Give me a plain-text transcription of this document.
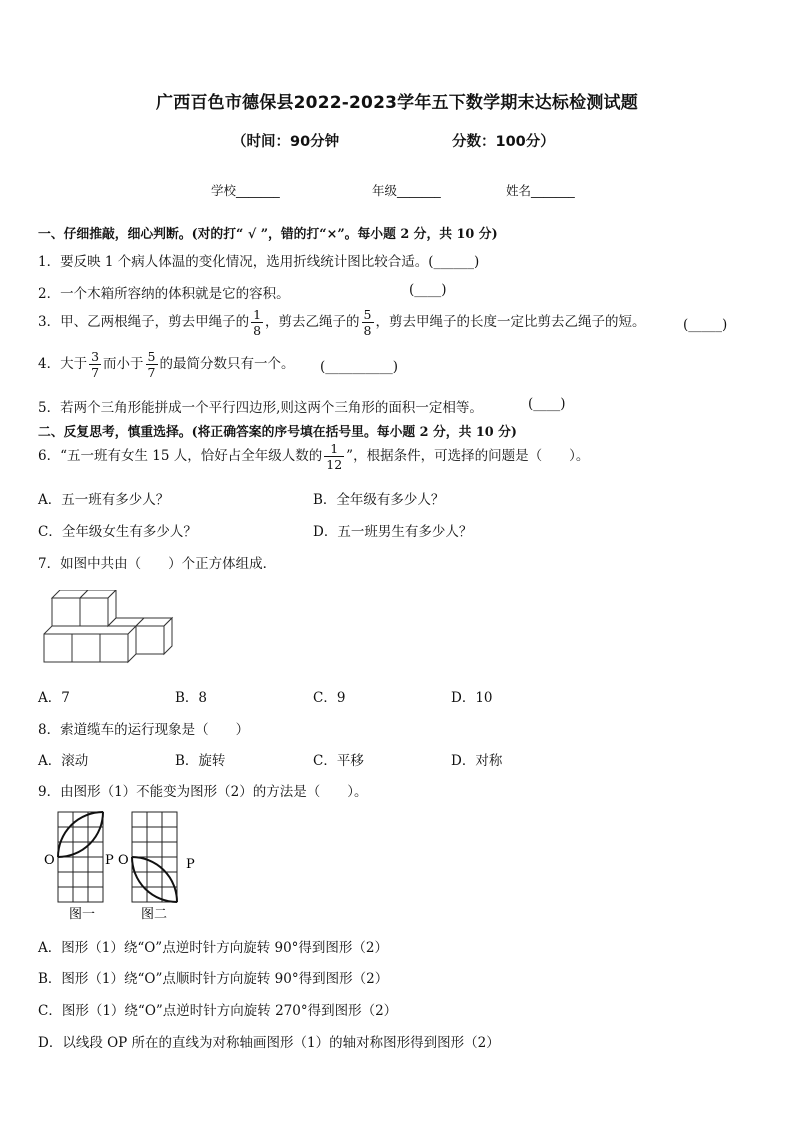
广西百色市德保县2022-2023学年五下数学期末达标检测试题
（时间：90分钟	分数：100分）
学校_______	年级_______	姓名_______
一、仔细推敲，细心判断。(对的打“ √ ”，错的打“×”。每小题 2 分，共 10 分)
1．要反映 1 个病人体温的变化情况，选用折线统计图比较合适。(______)
2．一个木箱所容纳的体积就是它的容积。	(____)
3．甲、乙两根绳子，剪去甲绳子的 $\frac{1}{8}$ ，剪去乙绳子的 $\frac{5}{8}$ ，剪去甲绳子的长度一定比剪去乙绳子的短。	(_____)
4．大于 $\frac{3}{7}$ 而小于 $\frac{5}{7}$ 的最简分数只有一个。 (__________)
5．若两个三角形能拼成一个平行四边形,则这两个三角形的面积一定相等。	(____)
二、反复思考，慎重选择。(将正确答案的序号填在括号里。每小题 2 分，共 10 分)
6．“五一班有女生 15 人，恰好占全年级人数的 $\frac{1}{12}$ ”，根据条件，可选择的问题是（　　）。
A．五一班有多少人？	B．全年级有多少人？
C．全年级女生有多少人？	D．五一班男生有多少人？
7．如图中共由（　　）个正方体组成．
A．7	B．8	C．9	D．10
8．索道缆车的运行现象是（　　）
A．滚动	B．旋转	C．平移	D．对称
9．由图形（1）不能变为图形（2）的方法是（　　）。
O	P O	P
图一	图二
A．图形（1）绕“O”点逆时针方向旋转 90°得到图形（2）
B．图形（1）绕“O”点顺时针方向旋转 90°得到图形（2）
C．图形（1）绕“O”点逆时针方向旋转 270°得到图形（2）
D．以线段 OP 所在的直线为对称轴画图形（1）的轴对称图形得到图形（2）
